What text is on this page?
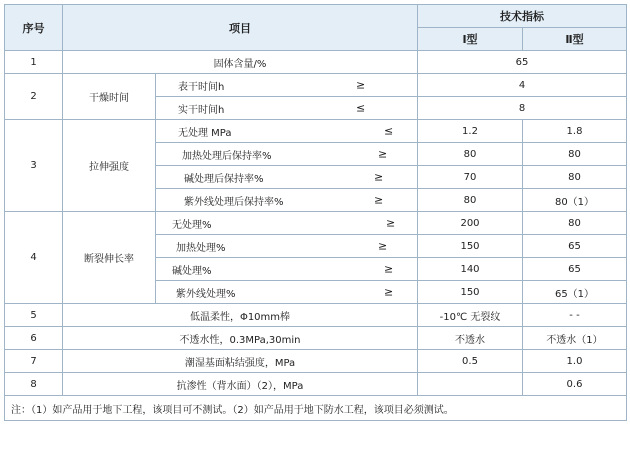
序号	项目		技术指标	
			Ⅰ型	Ⅱ型
1	固体含量/%		65	
2	干燥时间	表干时间h ≥	4	
		实干时间h ≤	8	
3	拉伸强度	无处理 MPa ≤	1.2	1.8
		加热处理后保持率% ≥	80	80
		碱处理后保持率% ≥	70	80
		紫外线处理后保持率% ≥	80	80（1）
4	断裂伸长率	无处理% ≥	200	80
		加热处理% ≥	150	65
		碱处理% ≥	140	65
		紫外线处理% ≥	150	65（1）
5	低温柔性，Φ10mm棒		-10℃ 无裂纹	- -
6	不透水性，0.3MPa,30min		不透水	不透水（1）
7	潮湿基面粘结强度，MPa		0.5	1.0
8	抗渗性（背水面）（2），MPa			0.6
注：（1）如产品用于地下工程，该项目可不测试。（2）如产品用于地下防水工程，该项目必须测试。				
